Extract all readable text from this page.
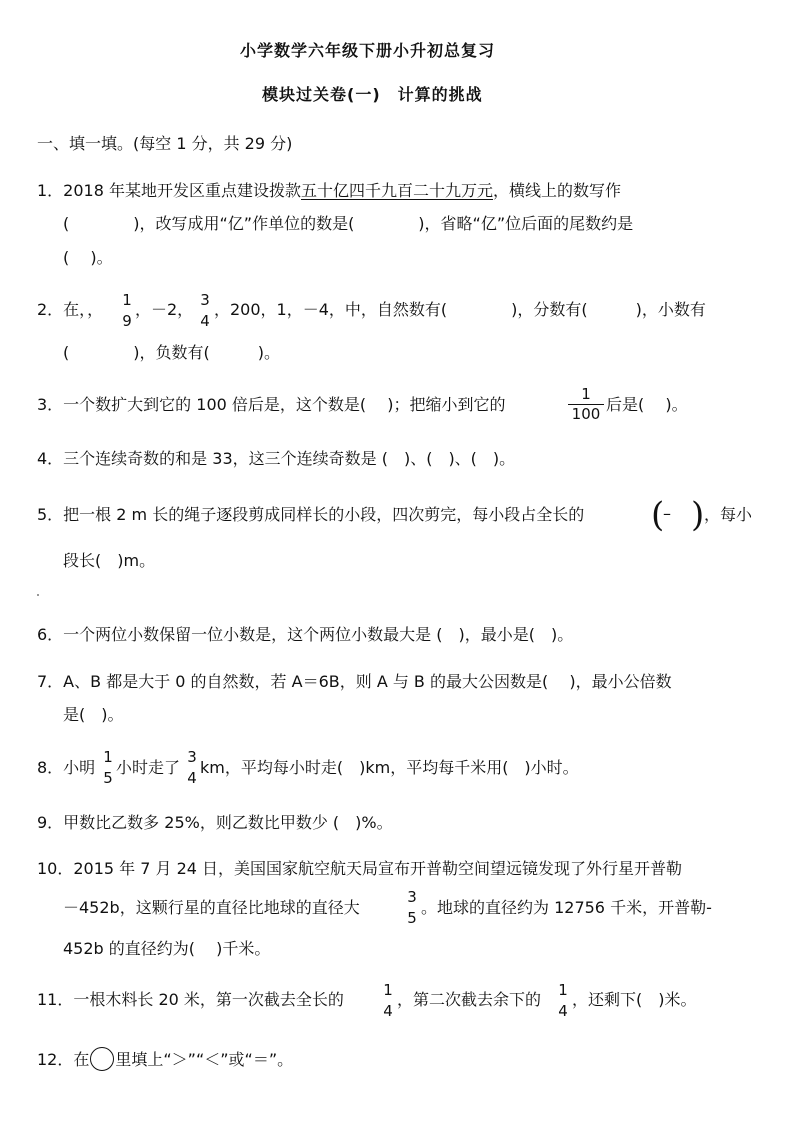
小学数学六年级下册小升初总复习
模块过关卷(一)　计算的挑战
一、填一填。(每空 1 分，共 29 分)
1．2018 年某地开发区重点建设拨款五十亿四千九百二十九万元，横线上的数写作
(　　　　)，改写成用“亿”作单位的数是(　　　　)，省略“亿”位后面的尾数约是
(　 )。
2．在，， 1
9
，－2， 3
4
，200，1，－4，中，自然数有(　　　　)，分数有(　　　)，小数有
(　　　　)，负数有(　　　)。
3．一个数扩大到它的 100 倍后是，这个数是(　 )；把缩小到它的
1
100 后是(　 )。
4．三个连续奇数的和是 33，这三个连续奇数是 (　)、(　)、(　)。
5．把一根 2 m 长的绳子逐段剪成同样长的小段，四次剪完，每小段占全长的 (
– ) ，每小
段长(　)m。
6．一个两位小数保留一位小数是，这个两位小数最大是 (　)，最小是(　)。
7．A、B 都是大于 0 的自然数，若 A＝6B，则 A 与 B 的最大公因数是(　 )，最小公倍数
是(　)。
8．小明
1
5
小时走了
3
4
km，平均每小时走(　)km，平均每千米用(　)小时。
9．甲数比乙数多 25%，则乙数比甲数少 (　)%。
10．2015 年 7 月 24 日，美国国家航空航天局宣布开普勒空间望远镜发现了外行星开普勒
－452b，这颗行星的直径比地球的直径大
3
5
。地球的直径约为 12756 千米，开普勒-
452b 的直径约为(　 )千米。
11．一根木料长 20 米，第一次截去全长的	1
4
，第二次截去余下的 1
4
，还剩下(　)米。
12．在 里填上“＞”“＜”或“＝”。
